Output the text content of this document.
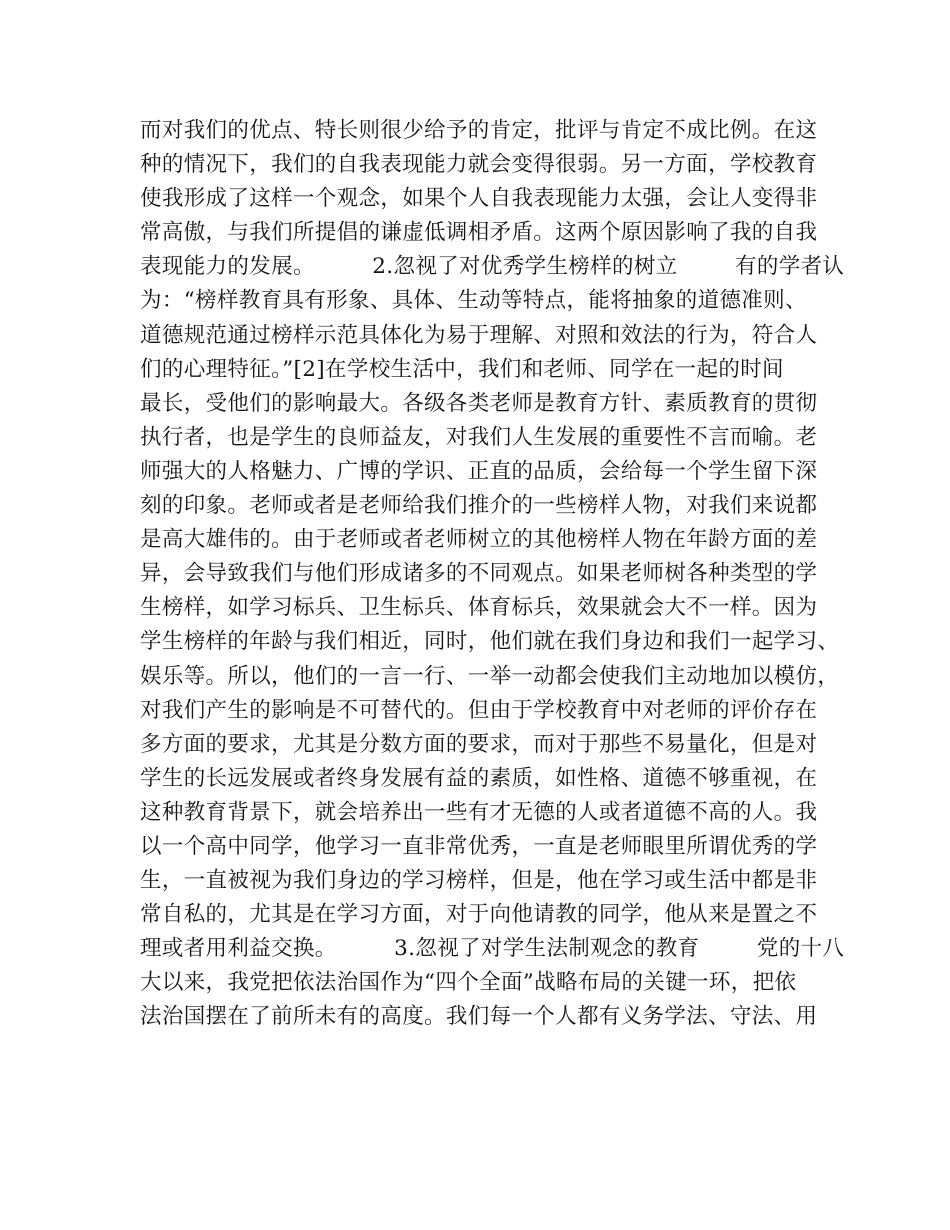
而对我们的优点、特长则很少给予的肯定，批评与肯定不成比例。在这
种的情况下，我们的自我表现能力就会变得很弱。另一方面，学校教育
使我形成了这样一个观念，如果个人自我表现能力太强，会让人变得非
常高傲，与我们所提倡的谦虚低调相矛盾。这两个原因影响了我的自我
表现能力的发展。        2.忽视了对优秀学生榜样的树立        有的学者认
为：“榜样教育具有形象、具体、生动等特点，能将抽象的道德准则、
道德规范通过榜样示范具体化为易于理解、对照和效法的行为，符合人
们的心理特征。”[2]在学校生活中，我们和老师、同学在一起的时间
最长，受他们的影响最大。各级各类老师是教育方针、素质教育的贯彻
执行者，也是学生的良师益友，对我们人生发展的重要性不言而喻。老
师强大的人格魅力、广博的学识、正直的品质，会给每一个学生留下深
刻的印象。老师或者是老师给我们推介的一些榜样人物，对我们来说都
是高大雄伟的。由于老师或者老师树立的其他榜样人物在年龄方面的差
异，会导致我们与他们形成诸多的不同观点。如果老师树各种类型的学
生榜样，如学习标兵、卫生标兵、体育标兵，效果就会大不一样。因为
学生榜样的年龄与我们相近，同时，他们就在我们身边和我们一起学习、
娱乐等。所以，他们的一言一行、一举一动都会使我们主动地加以模仿，
对我们产生的影响是不可替代的。但由于学校教育中对老师的评价存在
多方面的要求，尤其是分数方面的要求，而对于那些不易量化，但是对
学生的长远发展或者终身发展有益的素质，如性格、道德不够重视，在
这种教育背景下，就会培养出一些有才无德的人或者道德不高的人。我
以一个高中同学，他学习一直非常优秀，一直是老师眼里所谓优秀的学
生，一直被视为我们身边的学习榜样，但是，他在学习或生活中都是非
常自私的，尤其是在学习方面，对于向他请教的同学，他从来是置之不
理或者用利益交换。        3.忽视了对学生法制观念的教育        党的十八
大以来，我党把依法治国作为“四个全面”战略布局的关键一环，把依
法治国摆在了前所未有的高度。我们每一个人都有义务学法、守法、用
